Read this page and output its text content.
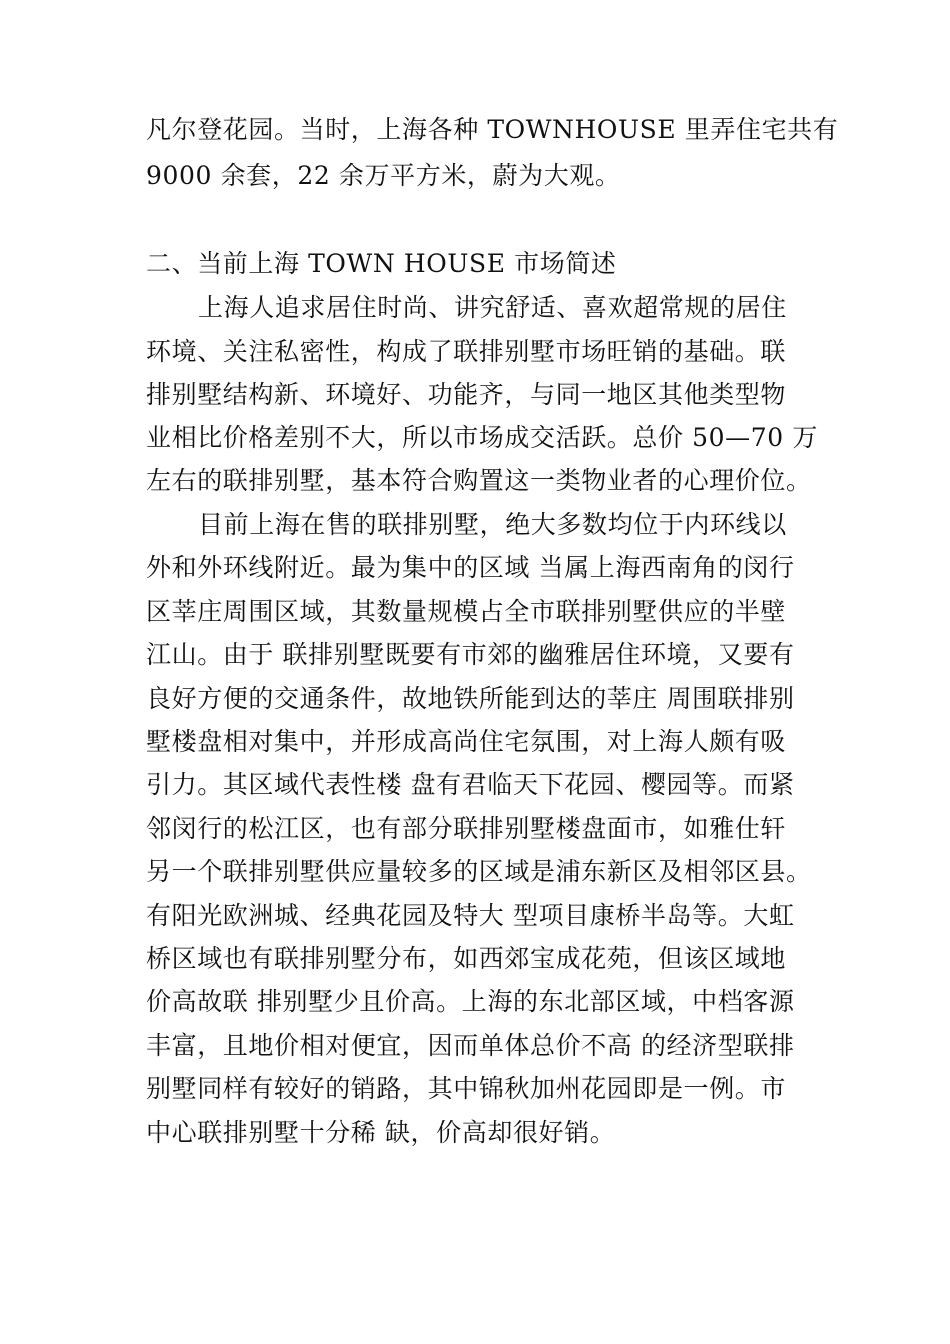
凡尔登花园。当时，上海各种 TOWNHOUSE 里弄住宅共有
9000 余套，22 余万平方米，蔚为大观。
二、当前上海 TOWN HOUSE 市场简述
上海人追求居住时尚、讲究舒适、喜欢超常规的居住
环境、关注私密性，构成了联排别墅市场旺销的基础。联
排别墅结构新、环境好、功能齐，与同一地区其他类型物
业相比价格差别不大，所以市场成交活跃。总价 50—70 万
左右的联排别墅，基本符合购置这一类物业者的心理价位。
目前上海在售的联排别墅，绝大多数均位于内环线以
外和外环线附近。最为集中的区域 当属上海西南角的闵行
区莘庄周围区域，其数量规模占全市联排别墅供应的半壁
江山。由于 联排别墅既要有市郊的幽雅居住环境，又要有
良好方便的交通条件，故地铁所能到达的莘庄 周围联排别
墅楼盘相对集中，并形成高尚住宅氛围，对上海人颇有吸
引力。其区域代表性楼 盘有君临天下花园、樱园等。而紧
邻闵行的松江区，也有部分联排别墅楼盘面市，如雅仕轩
另一个联排别墅供应量较多的区域是浦东新区及相邻区县。
有阳光欧洲城、经典花园及特大 型项目康桥半岛等。大虹
桥区域也有联排别墅分布，如西郊宝成花苑，但该区域地
价高故联 排别墅少且价高。上海的东北部区域，中档客源
丰富，且地价相对便宜，因而单体总价不高 的经济型联排
别墅同样有较好的销路，其中锦秋加州花园即是一例。市
中心联排别墅十分稀 缺，价高却很好销。
